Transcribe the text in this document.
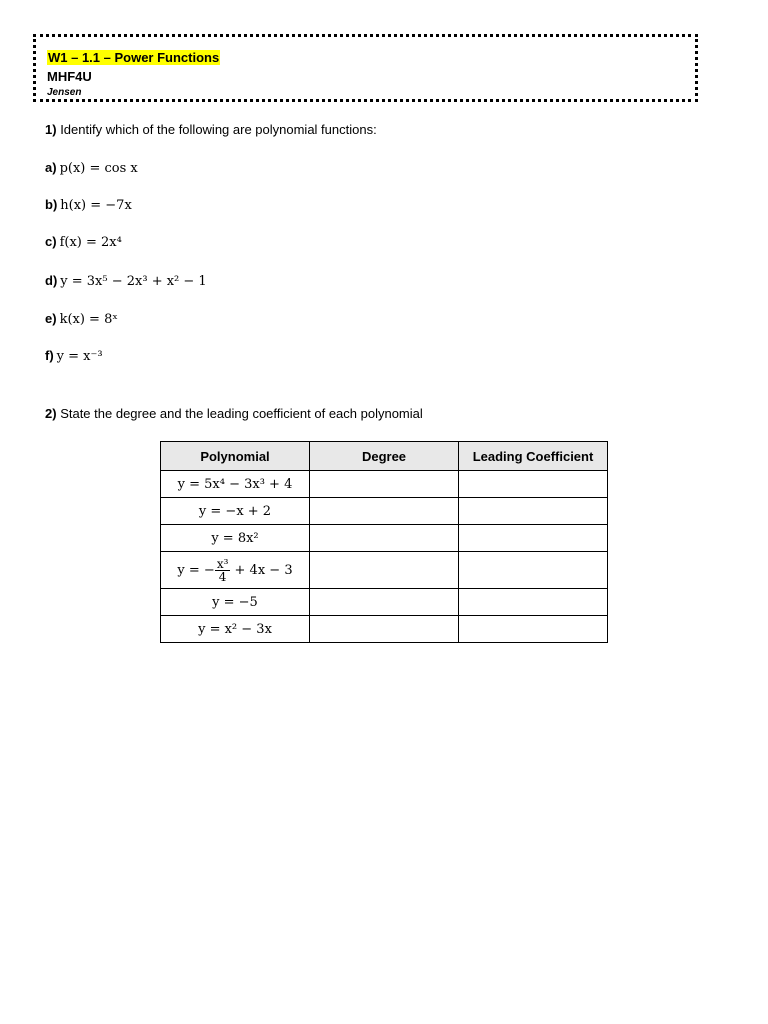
W1 – 1.1 – Power Functions
MHF4U
Jensen
1) Identify which of the following are polynomial functions:
a) p(x) = cos x
b) h(x) = −7x
c) f(x) = 2x⁴
d) y = 3x⁵ − 2x³ + x² − 1
e) k(x) = 8ˣ
f) y = x⁻³
2) State the degree and the leading coefficient of each polynomial
Polynomial	Degree	Leading Coefficient
y = 5x⁴ − 3x³ + 4		
y = −x + 2		
y = 8x²		
y = − $\frac{\text{x³}}{4} + 4x - 3$		
y = −5		
y = x² − 3x		
